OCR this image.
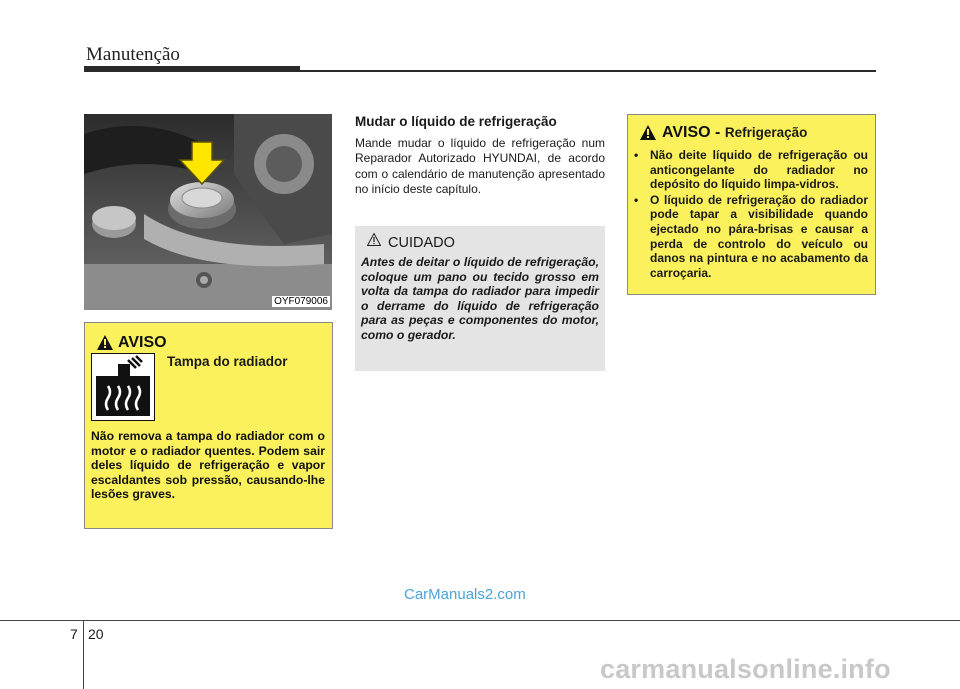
Manutenção
OYF079006
AVISO
Tampa do radiador
Não remova a tampa do radiador com o motor e o radiador quentes. Podem sair deles líquido de refrigeração e vapor escaldantes sob pressão, causando-lhe lesões graves.
Mudar o líquido de refrigeração
Mande mudar o líquido de refrigeração num Reparador Autorizado HYUNDAI, de acordo com o calendário de manutenção apresentado no início deste capítulo.
CUIDADO
Antes de deitar o líquido de refrigeração, coloque um pano ou tecido grosso em volta da tampa do radiador para impedir o derrame do líquido de refrigeração para as peças e componentes do motor, como o gerador.
AVISO - Refrigeração
• Não deite líquido de refrigeração ou anticongelante do radiador no depósito do líquido limpa-vidros.
• O líquido de refrigeração do radiador pode tapar a visibilidade quando ejectado no pára-brisas e causar a perda de controlo do veículo ou danos na pintura e no acabamento da carroçaria.
CarManuals2.com
7 20
carmanualsonline.info
